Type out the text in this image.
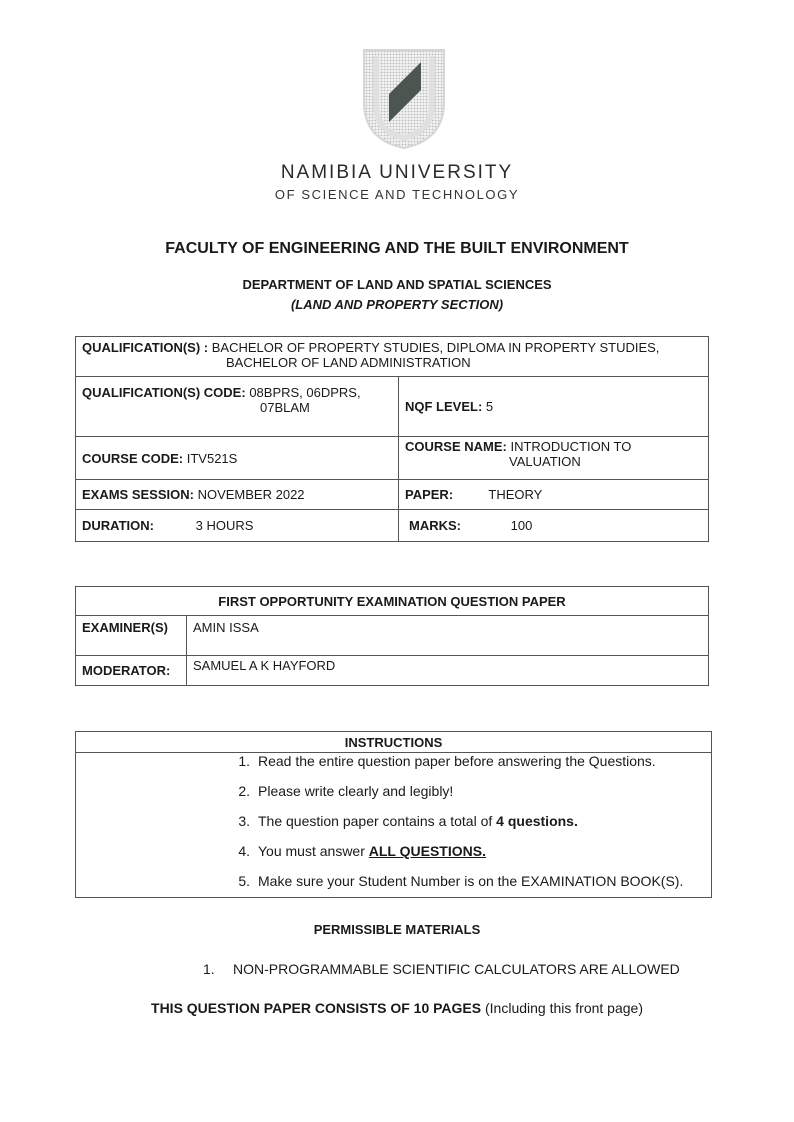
NAMIBIA UNIVERSITY
OF SCIENCE AND TECHNOLOGY
FACULTY OF ENGINEERING AND THE BUILT ENVIRONMENT
DEPARTMENT OF LAND AND SPATIAL SCIENCES
(LAND AND PROPERTY SECTION)
QUALIFICATION(S) : BACHELOR OF PROPERTY STUDIES, DIPLOMA IN PROPERTY STUDIES,
BACHELOR OF LAND ADMINISTRATION	

QUALIFICATION(S) CODE: 08BPRS, 06DPRS,
07BLAM	NQF LEVEL: 5
COURSE CODE: ITV521S	COURSE NAME: INTRODUCTION TO
VALUATION

EXAMS SESSION: NOVEMBER 2022	PAPER: THEORY
DURATION: 3 HOURS	MARKS: 100
FIRST OPPORTUNITY EXAMINATION QUESTION PAPER	
EXAMINER(S)	AMIN ISSA
MODERATOR:	SAMUEL A K HAYFORD
INSTRUCTIONS
1. Read the entire question paper before answering the Questions.
2. Please write clearly and legibly!
3. The question paper contains a total of 4 questions.
4. You must answer ALL QUESTIONS.
5. Make sure your Student Number is on the EXAMINATION BOOK(S).
PERMISSIBLE MATERIALS
1. NON-PROGRAMMABLE SCIENTIFIC CALCULATORS ARE ALLOWED
THIS QUESTION PAPER CONSISTS OF 10 PAGES (Including this front page)
